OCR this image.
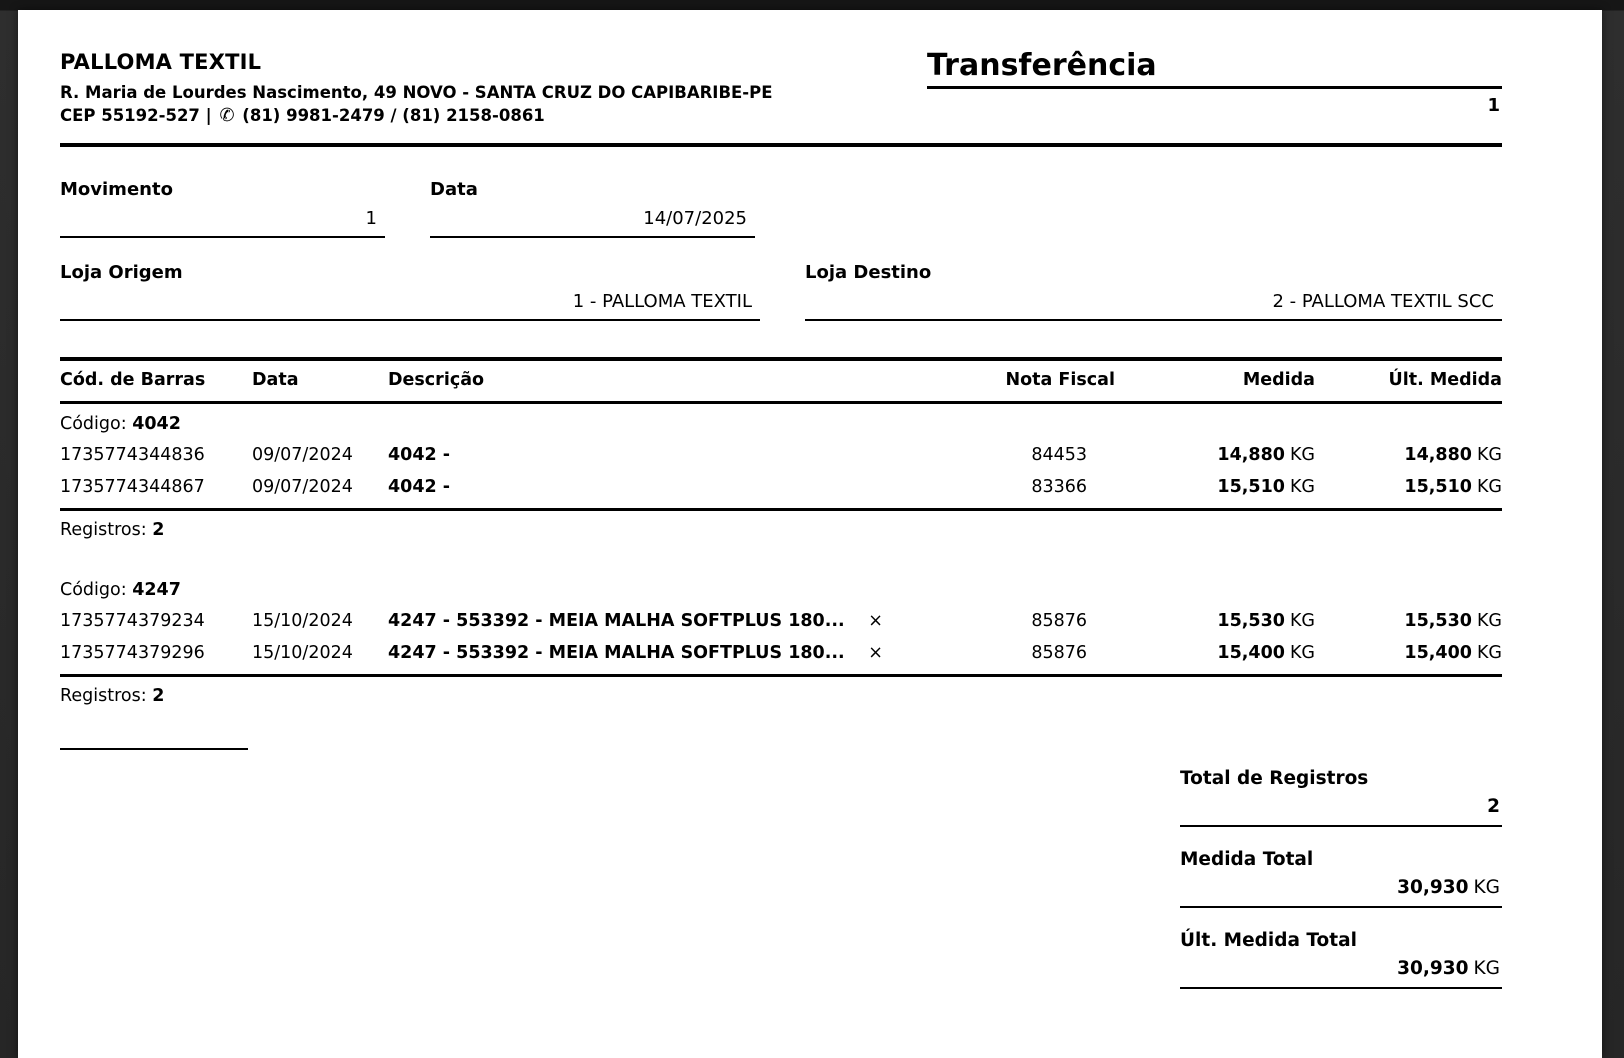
PALLOMA TEXTIL
R. Maria de Lourdes Nascimento, 49 NOVO - SANTA CRUZ DO CAPIBARIBE-PE
CEP 55192-527 | ✆ (81) 9981-2479 / (81) 2158-0861
Transferência
1
Movimento
1
Data
14/07/2025
Loja Origem
1 - PALLOMA TEXTIL
Loja Destino
2 - PALLOMA TEXTIL SCC
Cód. de Barras	Data	Descrição	Nota Fiscal	Medida	Últ. Medida
Código: 4042
1735774344836	09/07/2024	4042 -	84453	14,880 KG	14,880 KG
1735774344867	09/07/2024	4042 -	83366	15,510 KG	15,510 KG
Registros: 2
Código: 4247
1735774379234	15/10/2024	4247 - 553392 - MEIA MALHA SOFTPLUS 180... ×	85876	15,530 KG	15,530 KG
1735774379296	15/10/2024	4247 - 553392 - MEIA MALHA SOFTPLUS 180... ×	85876	15,400 KG	15,400 KG
Registros: 2
Total de Registros
2
Medida Total
30,930 KG
Últ. Medida Total
30,930 KG
